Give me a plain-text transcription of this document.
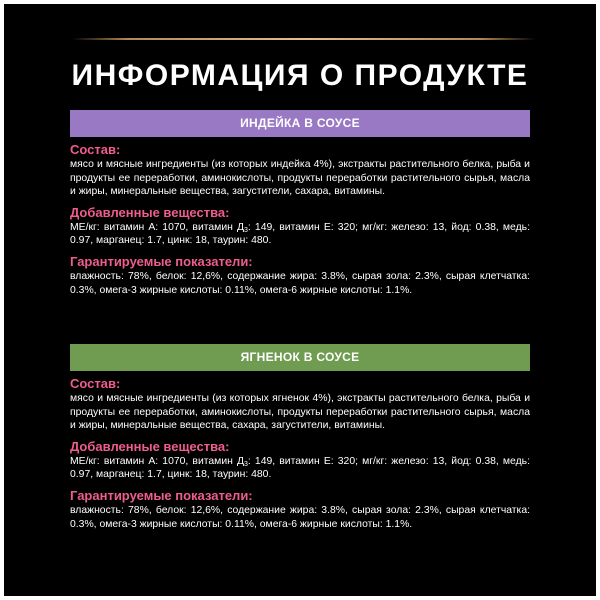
ИНФОРМАЦИЯ О ПРОДУКТЕ
ИНДЕЙКА В СОУСЕ
Состав:
мясо и мясные ингредиенты (из которых индейка 4%), экстракты растительного белка, рыба и продукты ее переработки, аминокислоты, продукты переработки растительного сырья, масла и жиры, минеральные вещества, загустители, сахара, витамины.
Добавленные вещества:
МЕ/кг: витамин А: 1070, витамин $Д_3$: 149, витамин Е: 320; мг/кг: железо: 13, йод: 0.38, медь: 0.97, марганец: 1.7, цинк: 18, таурин: 480.
Гарантируемые показатели:
влажность: 78%, белок: 12,6%, содержание жира: 3.8%, сырая зола: 2.3%, сырая клетчатка: 0.3%, омега-3 жирные кислоты: 0.11%, омега-6 жирные кислоты: 1.1%.
ЯГНЕНОК В СОУСЕ
Состав:
мясо и мясные ингредиенты (из которых ягненок 4%), экстракты растительного белка, рыба и продукты ее переработки, аминокислоты, продукты переработки растительного сырья, масла и жиры, минеральные вещества, сахара, загустители, витамины.
Добавленные вещества:
МЕ/кг: витамин А: 1070, витамин $Д_3$: 149, витамин Е: 320; мг/кг: железо: 13, йод: 0.38, медь: 0.97, марганец: 1.7, цинк: 18, таурин: 480.
Гарантируемые показатели:
влажность: 78%, белок: 12,6%, содержание жира: 3.8%, сырая зола: 2.3%, сырая клетчатка: 0.3%, омега-3 жирные кислоты: 0.11%, омега-6 жирные кислоты: 1.1%.
